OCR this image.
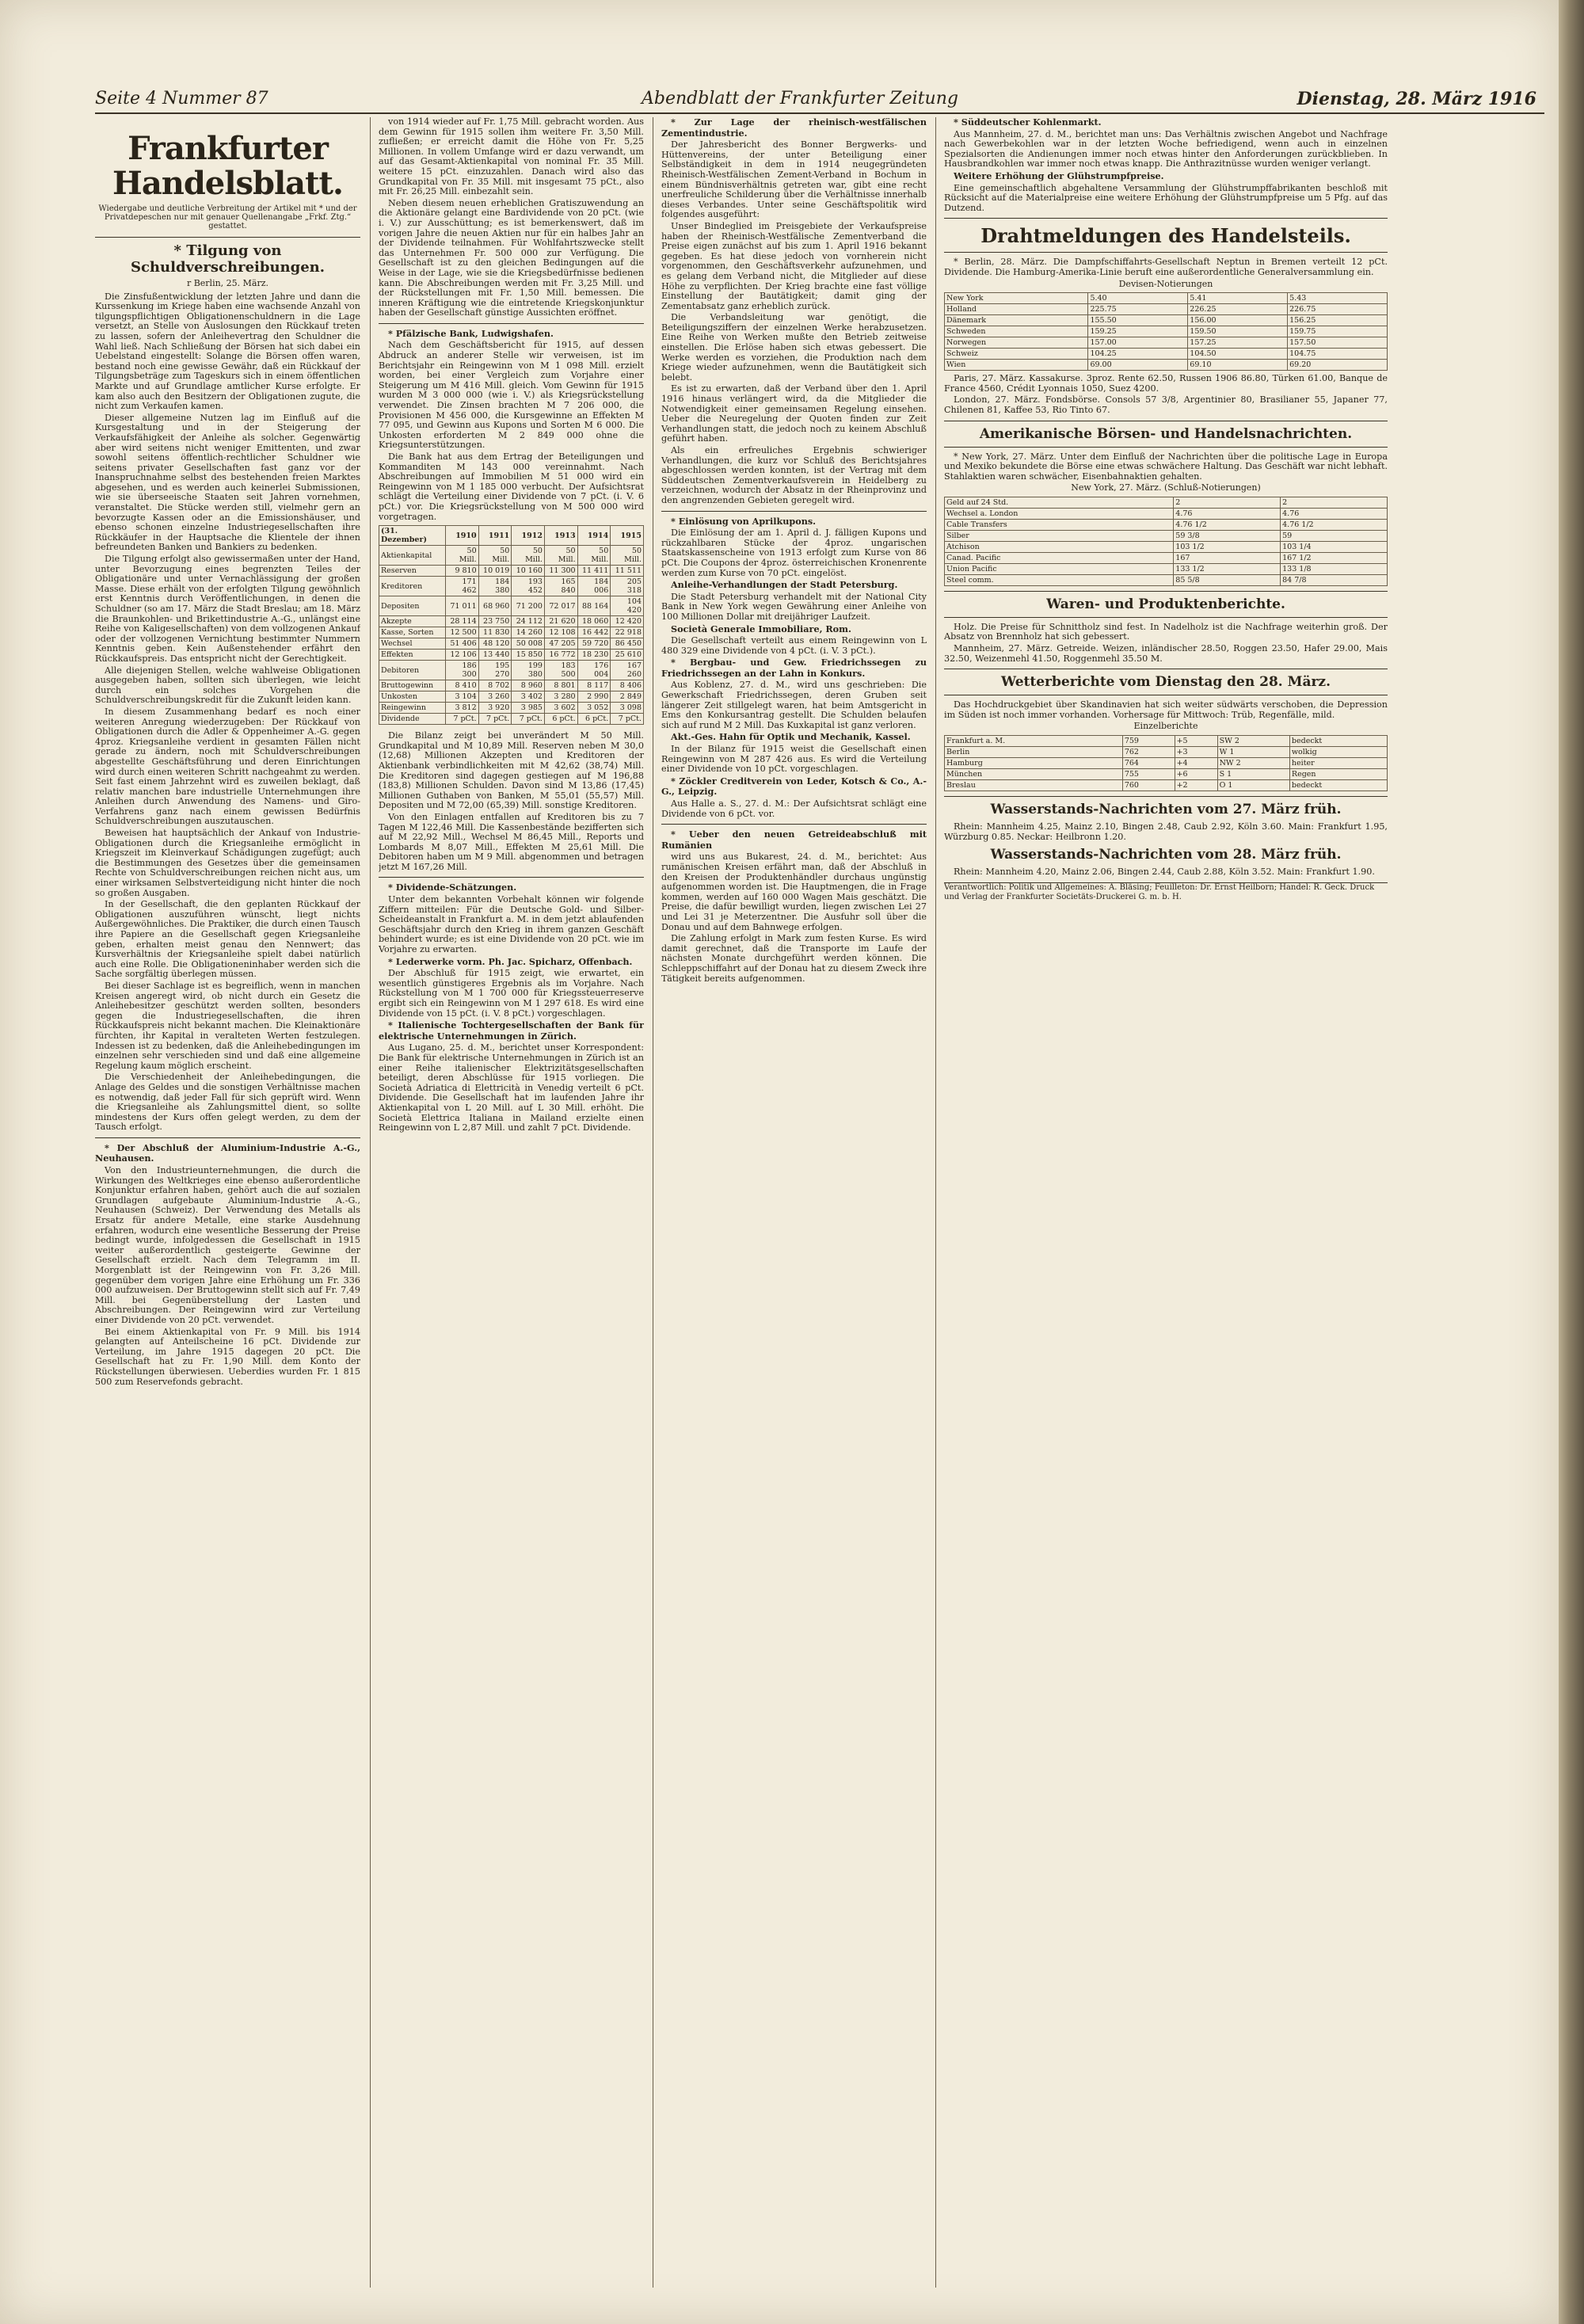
Seite 4 Nummer 87	Abendblatt der Frankfurter Zeitung	Dienstag, 28. März 1916
Frankfurter Handelsblatt.
Wiedergabe und deutliche Verbreitung der Artikel mit * und der Privatdepeschen nur mit genauer Quellenangabe „Frkf. Ztg.“ gestattet.
* Tilgung von Schuldverschreibungen.
r Berlin, 25. März.

Die Zinsfußentwicklung der letzten Jahre und dann die Kurssenkung im Kriege haben eine wachsende Anzahl von tilgungspflichtigen Obligationenschuldnern in die Lage versetzt, an Stelle von Auslosungen den Rückkauf treten zu lassen, sofern der Anleihevertrag den Schuldner die Wahl ließ. Nach Schließung der Börsen hat sich dabei ein Uebelstand eingestellt: Solange die Börsen offen waren, bestand noch eine gewisse Gewähr, daß ein Rückkauf der Tilgungsbeträge zum Tageskurs sich in einem öffentlichen Markte und auf Grundlage amtlicher Kurse erfolgte. Er kam also auch den Besitzern der Obligationen zugute, die nicht zum Verkaufen kamen.

Dieser allgemeine Nutzen lag im Einfluß auf die Kursgestaltung und in der Steigerung der Verkaufsfähigkeit der Anleihe als solcher. Gegenwärtig aber wird seitens nicht weniger Emittenten, und zwar sowohl seitens öffentlich-rechtlicher Schuldner wie seitens privater Gesellschaften fast ganz vor der Inanspruchnahme selbst des bestehenden freien Marktes abgesehen, und es werden auch keinerlei Submissionen, wie sie überseeische Staaten seit Jahren vornehmen, veranstaltet. Die Stücke werden still, vielmehr gern an bevorzugte Kassen oder an die Emissionshäuser, und ebenso schonen einzelne Industriegesellschaften ihre Rückkäufer in der Hauptsache die Klientele der ihnen befreundeten Banken und Bankiers zu bedenken.

Die Tilgung erfolgt also gewissermaßen unter der Hand, unter Bevorzugung eines begrenzten Teiles der Obligationäre und unter Vernachlässigung der großen Masse. Diese erhält von der erfolgten Tilgung gewöhnlich erst Kenntnis durch Veröffentlichungen, in denen die Schuldner (so am 17. März die Stadt Breslau; am 18. März die Braunkohlen- und Brikettindustrie A.-G., unlängst eine Reihe von Kaligesellschaften) von dem vollzogenen Ankauf oder der vollzogenen Vernichtung bestimmter Nummern Kenntnis geben. Kein Außenstehender erfährt den Rückkaufspreis. Das entspricht nicht der Gerechtigkeit.

Alle diejenigen Stellen, welche wahlweise Obligationen ausgegeben haben, sollten sich überlegen, wie leicht durch ein solches Vorgehen die Schuldverschreibungskredit für die Zukunft leiden kann.

In diesem Zusammenhang bedarf es noch einer weiteren Anregung wiederzugeben: Der Rückkauf von Obligationen durch die Adler & Oppenheimer A.-G. gegen 4proz. Kriegsanleihe verdient in gesamten Fällen nicht gerade zu ändern, noch mit Schuldverschreibungen abgestellte Geschäftsführung und deren Einrichtungen wird durch einen weiteren Schritt nachgeahmt zu werden. Seit fast einem Jahrzehnt wird es zuweilen beklagt, daß relativ manchen bare industrielle Unternehmungen ihre Anleihen durch Anwendung des Namens- und Giro-Verfahrens ganz nach einem gewissen Bedürfnis Schuldverschreibungen auszutauschen.

Beweisen hat hauptsächlich der Ankauf von Industrie-Obligationen durch die Kriegsanleihe ermöglicht in Kriegszeit im Kleinverkauf Schädigungen zugefügt; auch die Bestimmungen des Gesetzes über die gemeinsamen Rechte von Schuldverschreibungen reichen nicht aus, um einer wirksamen Selbstverteidigung nicht hinter die noch so großen Ausgaben.

In der Gesellschaft, die den geplanten Rückkauf der Obligationen auszuführen wünscht, liegt nichts Außergewöhnliches. Die Praktiker, die durch einen Tausch ihre Papiere an die Gesellschaft gegen Kriegsanleihe geben, erhalten meist genau den Nennwert; das Kursverhältnis der Kriegsanleihe spielt dabei natürlich auch eine Rolle. Die Obligationeninhaber werden sich die Sache sorgfältig überlegen müssen.

Bei dieser Sachlage ist es begreiflich, wenn in manchen Kreisen angeregt wird, ob nicht durch ein Gesetz die Anleihebesitzer geschützt werden sollten, besonders gegen die Industriegesellschaften, die ihren Rückkaufspreis nicht bekannt machen. Die Kleinaktionäre fürchten, ihr Kapital in veralteten Werten festzulegen. Indessen ist zu bedenken, daß die Anleihebedingungen im einzelnen sehr verschieden sind und daß eine allgemeine Regelung kaum möglich erscheint.

Die Verschiedenheit der Anleihebedingungen, die Anlage des Geldes und die sonstigen Verhältnisse machen es notwendig, daß jeder Fall für sich geprüft wird. Wenn die Kriegsanleihe als Zahlungsmittel dient, so sollte mindestens der Kurs offen gelegt werden, zu dem der Tausch erfolgt.

* Der Abschluß der Aluminium-Industrie A.-G., Neuhausen.

Von den Industrieunternehmungen, die durch die Wirkungen des Weltkrieges eine ebenso außerordentliche Konjunktur erfahren haben, gehört auch die auf sozialen Grundlagen aufgebaute Aluminium-Industrie A.-G., Neuhausen (Schweiz). Der Verwendung des Metalls als Ersatz für andere Metalle, eine starke Ausdehnung erfahren, wodurch eine wesentliche Besserung der Preise bedingt wurde, infolgedessen die Gesellschaft in 1915 weiter außerordentlich gesteigerte Gewinne der Gesellschaft erzielt. Nach dem Telegramm im II. Morgenblatt ist der Reingewinn von Fr. 3,26 Mill. gegenüber dem vorigen Jahre eine Erhöhung um Fr. 336 000 aufzuweisen. Der Bruttogewinn stellt sich auf Fr. 7,49 Mill. bei Gegenüberstellung der Lasten und Abschreibungen. Der Reingewinn wird zur Verteilung einer Dividende von 20 pCt. verwendet.

Bei einem Aktienkapital von Fr. 9 Mill. bis 1914 gelangten auf Anteilscheine 16 pCt. Dividende zur Verteilung, im Jahre 1915 dagegen 20 pCt. Die Gesellschaft hat zu Fr. 1,90 Mill. dem Konto der Rückstellungen überwiesen. Ueberdies wurden Fr. 1 815 500 zum Reservefonds gebracht.

von 1914 wieder auf Fr. 1,75 Mill. gebracht worden. Aus dem Gewinn für 1915 sollen ihm weitere Fr. 3,50 Mill. zufließen; er erreicht damit die Höhe von Fr. 5,25 Millionen. In vollem Umfange wird er dazu verwandt, um auf das Gesamt-Aktienkapital von nominal Fr. 35 Mill. weitere 15 pCt. einzuzahlen. Danach wird also das Grundkapital von Fr. 35 Mill. mit insgesamt 75 pCt., also mit Fr. 26,25 Mill. einbezahlt sein.

Neben diesem neuen erheblichen Gratiszuwendung an die Aktionäre gelangt eine Bardividende von 20 pCt. (wie i. V.) zur Ausschüttung; es ist bemerkenswert, daß im vorigen Jahre die neuen Aktien nur für ein halbes Jahr an der Dividende teilnahmen. Für Wohlfahrtszwecke stellt das Unternehmen Fr. 500 000 zur Verfügung. Die Gesellschaft ist zu den gleichen Bedingungen auf die Weise in der Lage, wie sie die Kriegsbedürfnisse bedienen kann. Die Abschreibungen werden mit Fr. 3,25 Mill. und der Rückstellungen mit Fr. 1,50 Mill. bemessen. Die inneren Kräftigung wie die eintretende Kriegskonjunktur haben der Gesellschaft günstige Aussichten eröffnet.

* Pfälzische Bank, Ludwigshafen.

Nach dem Geschäftsbericht für 1915, auf dessen Abdruck an anderer Stelle wir verweisen, ist im Berichtsjahr ein Reingewinn von M 1 098 Mill. erzielt worden, bei einer Vergleich zum Vorjahre einer Steigerung um M 416 Mill. gleich. Vom Gewinn für 1915 wurden M 3 000 000 (wie i. V.) als Kriegsrückstellung verwendet. Die Zinsen brachten M 7 206 000, die Provisionen M 456 000, die Kursgewinne an Effekten M 77 095, und Gewinn aus Kupons und Sorten M 6 000. Die Unkosten erforderten M 2 849 000 ohne die Kriegsunterstützungen.

Die Bank hat aus dem Ertrag der Beteiligungen und Kommanditen M 143 000 vereinnahmt. Nach Abschreibungen auf Immobilien M 51 000 wird ein Reingewinn von M 1 185 000 verbucht. Der Aufsichtsrat schlägt die Verteilung einer Dividende von 7 pCt. (i. V. 6 pCt.) vor. Die Kriegsrückstellung von M 500 000 wird vorgetragen.

(31. Dezember)	1910	1911	1912	1913	1914	1915
Aktienkapital	50 Mill.	50 Mill.	50 Mill.	50 Mill.	50 Mill.	50 Mill.
Reserven	9 810	10 019	10 160	11 300	11 411	11 511
Kreditoren	171 462	184 380	193 452	165 840	184 006	205 318
Depositen	71 011	68 960	71 200	72 017	88 164	104 420
Akzepte	28 114	23 750	24 112	21 620	18 060	12 420
Kasse, Sorten	12 500	11 830	14 260	12 108	16 442	22 918
Wechsel	51 406	48 120	50 008	47 205	59 720	86 450
Effekten	12 106	13 440	15 850	16 772	18 230	25 610
Debitoren	186 300	195 270	199 380	183 500	176 004	167 260
Bruttogewinn	8 410	8 702	8 960	8 801	8 117	8 406
Unkosten	3 104	3 260	3 402	3 280	2 990	2 849
Reingewinn	3 812	3 920	3 985	3 602	3 052	3 098
Dividende	7 pCt.	7 pCt.	7 pCt.	6 pCt.	6 pCt.	7 pCt.

Die Bilanz zeigt bei unverändert M 50 Mill. Grundkapital und M 10,89 Mill. Reserven neben M 30,0 (12,68) Millionen Akzepten und Kreditoren der Aktienbank verbindlichkeiten mit M 42,62 (38,74) Mill. Die Kreditoren sind dagegen gestiegen auf M 196,88 (183,8) Millionen Schulden. Davon sind M 13,86 (17,45) Millionen Guthaben von Banken, M 55,01 (55,57) Mill. Depositen und M 72,00 (65,39) Mill. sonstige Kreditoren.

Von den Einlagen entfallen auf Kreditoren bis zu 7 Tagen M 122,46 Mill. Die Kassenbestände bezifferten sich auf M 22,92 Mill., Wechsel M 86,45 Mill., Reports und Lombards M 8,07 Mill., Effekten M 25,61 Mill. Die Debitoren haben um M 9 Mill. abgenommen und betragen jetzt M 167,26 Mill.

* Dividende-Schätzungen.

Unter dem bekannten Vorbehalt können wir folgende Ziffern mitteilen: Für die Deutsche Gold- und Silber-Scheideanstalt in Frankfurt a. M. in dem jetzt ablaufenden Geschäftsjahr durch den Krieg in ihrem ganzen Geschäft behindert wurde; es ist eine Dividende von 20 pCt. wie im Vorjahre zu erwarten.

* Lederwerke vorm. Ph. Jac. Spicharz, Offenbach.

Der Abschluß für 1915 zeigt, wie erwartet, ein wesentlich günstigeres Ergebnis als im Vorjahre. Nach Rückstellung von M 1 700 000 für Kriegssteuerreserve ergibt sich ein Reingewinn von M 1 297 618. Es wird eine Dividende von 15 pCt. (i. V. 8 pCt.) vorgeschlagen.

* Italienische Tochtergesellschaften der Bank für elektrische Unternehmungen in Zürich.

Aus Lugano, 25. d. M., berichtet unser Korrespondent: Die Bank für elektrische Unternehmungen in Zürich ist an einer Reihe italienischer Elektrizitätsgesellschaften beteiligt, deren Abschlüsse für 1915 vorliegen. Die Società Adriatica di Elettricità in Venedig verteilt 6 pCt. Dividende. Die Gesellschaft hat im laufenden Jahre ihr Aktienkapital von L 20 Mill. auf L 30 Mill. erhöht. Die Società Elettrica Italiana in Mailand erzielte einen Reingewinn von L 2,87 Mill. und zahlt 7 pCt. Dividende.

* Zur Lage der rheinisch-westfälischen Zementindustrie.

Der Jahresbericht des Bonner Bergwerks- und Hüttenvereins, der unter Beteiligung einer Selbständigkeit in dem in 1914 neugegründeten Rheinisch-Westfälischen Zement-Verband in Bochum in einem Bündnisverhältnis getreten war, gibt eine recht unerfreuliche Schilderung über die Verhältnisse innerhalb dieses Verbandes. Unter seine Geschäftspolitik wird folgendes ausgeführt:

Unser Bindeglied im Preisgebiete der Verkaufspreise haben der Rheinisch-Westfälische Zementverband die Preise eigen zunächst auf bis zum 1. April 1916 bekannt gegeben. Es hat diese jedoch von vornherein nicht vorgenommen, den Geschäftsverkehr aufzunehmen, und es gelang dem Verband nicht, die Mitglieder auf diese Höhe zu verpflichten. Der Krieg brachte eine fast völlige Einstellung der Bautätigkeit; damit ging der Zementabsatz ganz erheblich zurück.

Die Verbandsleitung war genötigt, die Beteiligungsziffern der einzelnen Werke herabzusetzen. Eine Reihe von Werken mußte den Betrieb zeitweise einstellen. Die Erlöse haben sich etwas gebessert. Die Werke werden es vorziehen, die Produktion nach dem Kriege wieder aufzunehmen, wenn die Bautätigkeit sich belebt.

Es ist zu erwarten, daß der Verband über den 1. April 1916 hinaus verlängert wird, da die Mitglieder die Notwendigkeit einer gemeinsamen Regelung einsehen. Ueber die Neuregelung der Quoten finden zur Zeit Verhandlungen statt, die jedoch noch zu keinem Abschluß geführt haben.

Als ein erfreuliches Ergebnis schwieriger Verhandlungen, die kurz vor Schluß des Berichtsjahres abgeschlossen werden konnten, ist der Vertrag mit dem Süddeutschen Zementverkaufsverein in Heidelberg zu verzeichnen, wodurch der Absatz in der Rheinprovinz und den angrenzenden Gebieten geregelt wird.

* Einlösung von Aprilkupons.

Die Einlösung der am 1. April d. J. fälligen Kupons und rückzahlbaren Stücke der 4proz. ungarischen Staatskassenscheine von 1913 erfolgt zum Kurse von 86 pCt. Die Coupons der 4proz. österreichischen Kronenrente werden zum Kurse von 70 pCt. eingelöst.

Anleihe-Verhandlungen der Stadt Petersburg.

Die Stadt Petersburg verhandelt mit der National City Bank in New York wegen Gewährung einer Anleihe von 100 Millionen Dollar mit dreijähriger Laufzeit.

Società Generale Immobiliare, Rom.

Die Gesellschaft verteilt aus einem Reingewinn von L 480 329 eine Dividende von 4 pCt. (i. V. 3 pCt.).

* Bergbau- und Gew. Friedrichssegen zu Friedrichssegen an der Lahn in Konkurs.

Aus Koblenz, 27. d. M., wird uns geschrieben: Die Gewerkschaft Friedrichssegen, deren Gruben seit längerer Zeit stillgelegt waren, hat beim Amtsgericht in Ems den Konkursantrag gestellt. Die Schulden belaufen sich auf rund M 2 Mill. Das Kuxkapital ist ganz verloren.

Akt.-Ges. Hahn für Optik und Mechanik, Kassel.

In der Bilanz für 1915 weist die Gesellschaft einen Reingewinn von M 287 426 aus. Es wird die Verteilung einer Dividende von 10 pCt. vorgeschlagen.

* Zöckler Creditverein von Leder, Kotsch & Co., A.-G., Leipzig.

Aus Halle a. S., 27. d. M.: Der Aufsichtsrat schlägt eine Dividende von 6 pCt. vor.

* Ueber den neuen Getreideabschluß mit Rumänien

wird uns aus Bukarest, 24. d. M., berichtet: Aus rumänischen Kreisen erfährt man, daß der Abschluß in den Kreisen der Produktenhändler durchaus ungünstig aufgenommen worden ist. Die Hauptmengen, die in Frage kommen, werden auf 160 000 Wagen Mais geschätzt. Die Preise, die dafür bewilligt wurden, liegen zwischen Lei 27 und Lei 31 je Meterzentner. Die Ausfuhr soll über die Donau und auf dem Bahnwege erfolgen.

Die Zahlung erfolgt in Mark zum festen Kurse. Es wird damit gerechnet, daß die Transporte im Laufe der nächsten Monate durchgeführt werden können. Die Schleppschiffahrt auf der Donau hat zu diesem Zweck ihre Tätigkeit bereits aufgenommen.

* Süddeutscher Kohlenmarkt.

Aus Mannheim, 27. d. M., berichtet man uns: Das Verhältnis zwischen Angebot und Nachfrage nach Gewerbekohlen war in der letzten Woche befriedigend, wenn auch in einzelnen Spezialsorten die Andienungen immer noch etwas hinter den Anforderungen zurückblieben. In Hausbrandkohlen war immer noch etwas knapp. Die Anthrazitnüsse wurden weniger verlangt.

Weitere Erhöhung der Glühstrumpfpreise.

Eine gemeinschaftlich abgehaltene Versammlung der Glühstrumpffabrikanten beschloß mit Rücksicht auf die Materialpreise eine weitere Erhöhung der Glühstrumpfpreise um 5 Pfg. auf das Dutzend.

Drahtmeldungen des Handelsteils.

* Berlin, 28. März. Die Dampfschiffahrts-Gesellschaft Neptun in Bremen verteilt 12 pCt. Dividende. Die Hamburg-Amerika-Linie beruft eine außerordentliche Generalversammlung ein.

Devisen-Notierungen
New York	5.40	5.41	5.43
Holland	225.75	226.25	226.75
Dänemark	155.50	156.00	156.25
Schweden	159.25	159.50	159.75
Norwegen	157.00	157.25	157.50
Schweiz	104.25	104.50	104.75
Wien	69.00	69.10	69.20

Paris, 27. März. Kassakurse. 3proz. Rente 62.50, Russen 1906 86.80, Türken 61.00, Banque de France 4560, Crédit Lyonnais 1050, Suez 4200.

London, 27. März. Fondsbörse. Consols 57 3/8, Argentinier 80, Brasilianer 55, Japaner 77, Chilenen 81, Kaffee 53, Rio Tinto 67.

Amerikanische Börsen- und Handelsnachrichten.

* New York, 27. März. Unter dem Einfluß der Nachrichten über die politische Lage in Europa und Mexiko bekundete die Börse eine etwas schwächere Haltung. Das Geschäft war nicht lebhaft. Stahlaktien waren schwächer, Eisenbahnaktien gehalten.

New York, 27. März. (Schluß-Notierungen)
Geld auf 24 Std.	2	2
Wechsel a. London	4.76	4.76
Cable Transfers	4.76 1/2	4.76 1/2
Silber	59 3/8	59
Atchison	103 1/2	103 1/4
Canad. Pacific	167	167 1/2
Union Pacific	133 1/2	133 1/8
Steel comm.	85 5/8	84 7/8
Waren- und Produktenberichte.

Holz. Die Preise für Schnittholz sind fest. In Nadelholz ist die Nachfrage weiterhin groß. Der Absatz von Brennholz hat sich gebessert.

Mannheim, 27. März. Getreide. Weizen, inländischer 28.50, Roggen 23.50, Hafer 29.00, Mais 32.50, Weizenmehl 41.50, Roggenmehl 35.50 M.

Wetterberichte vom Dienstag den 28. März.

Das Hochdruckgebiet über Skandinavien hat sich weiter südwärts verschoben, die Depression im Süden ist noch immer vorhanden. Vorhersage für Mittwoch: Trüb, Regenfälle, mild.

Einzelberichte
Frankfurt a. M.	759	+5	SW 2	bedeckt
Berlin	762	+3	W 1	wolkig
Hamburg	764	+4	NW 2	heiter
München	755	+6	S 1	Regen
Breslau	760	+2	O 1	bedeckt
Wasserstands-Nachrichten vom 27. März früh.

Rhein: Mannheim 4.25, Mainz 2.10, Bingen 2.48, Caub 2.92, Köln 3.60. Main: Frankfurt 1.95, Würzburg 0.85. Neckar: Heilbronn 1.20.

Wasserstands-Nachrichten vom 28. März früh.

Rhein: Mannheim 4.20, Mainz 2.06, Bingen 2.44, Caub 2.88, Köln 3.52. Main: Frankfurt 1.90.

Verantwortlich: Politik und Allgemeines: A. Bläsing; Feuilleton: Dr. Ernst Heilborn; Handel: R. Geck. Druck und Verlag der Frankfurter Societäts-Druckerei G. m. b. H.
